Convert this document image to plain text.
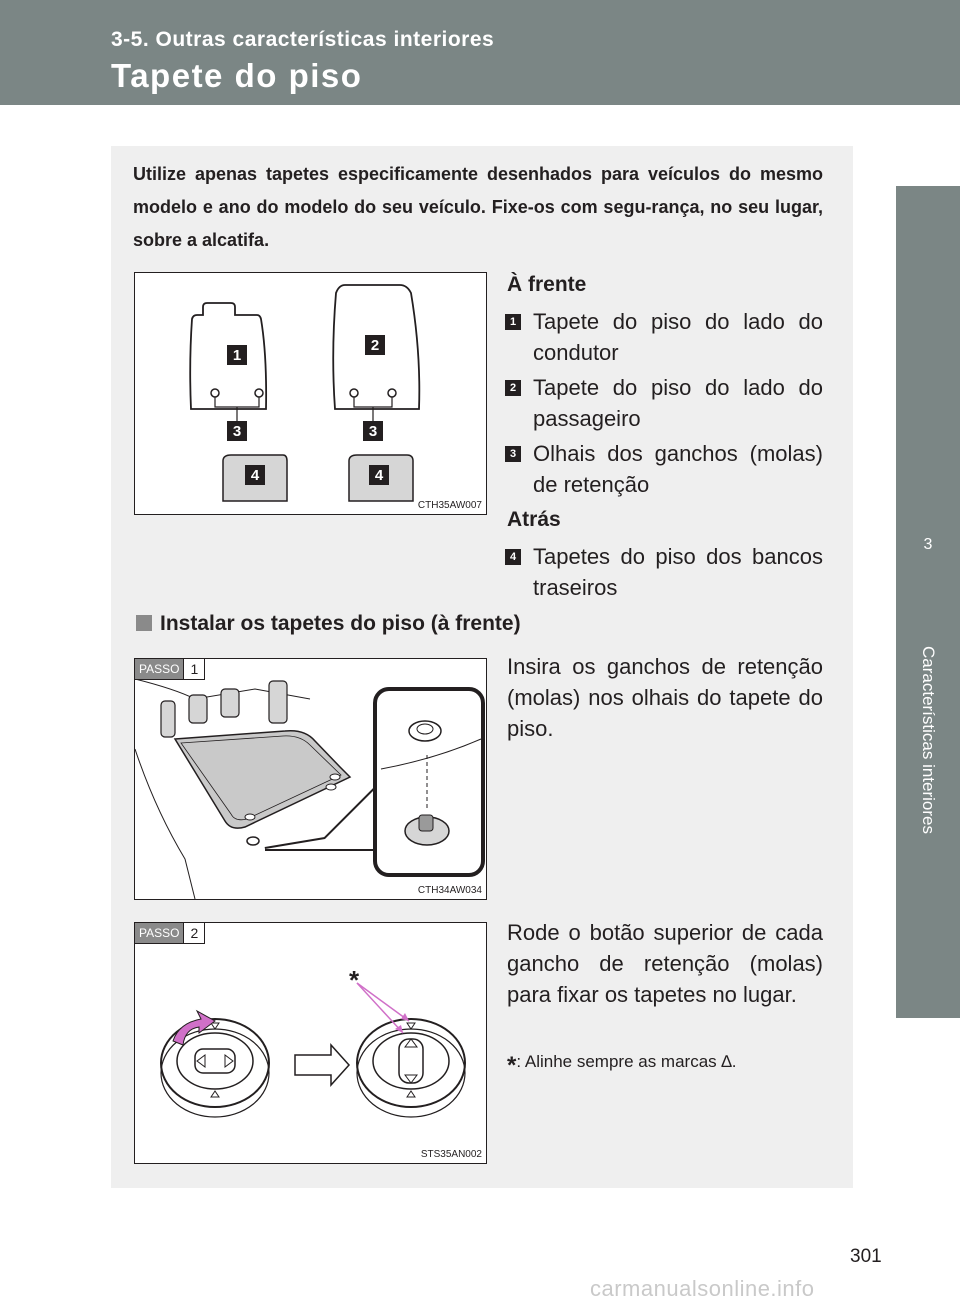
3-5. Outras características interiores
Tapete do piso
3
Características interiores
Utilize apenas tapetes especificamente desenhados para veículos do mesmo modelo e ano do modelo do seu veículo. Fixe-os com segu-rança, no seu lugar, sobre a alcatifa.
1
2
3	3
4	4
CTH35AW007
À frente
1 Tapete do piso do lado do condutor
2 Tapete do piso do lado do passageiro
3 Olhais dos ganchos (molas) de retenção
Atrás
4 Tapetes do piso dos bancos traseiros
Instalar os tapetes do piso (à frente)
PASSO 1
CTH34AW034
Insira os ganchos de retenção (molas) nos olhais do tapete do piso.
*
PASSO 2
STS35AN002
Rode o botão superior de cada gancho de retenção (molas) para fixar os tapetes no lugar.
*: Alinhe sempre as marcas ∆.
301
carmanualsonline.info
